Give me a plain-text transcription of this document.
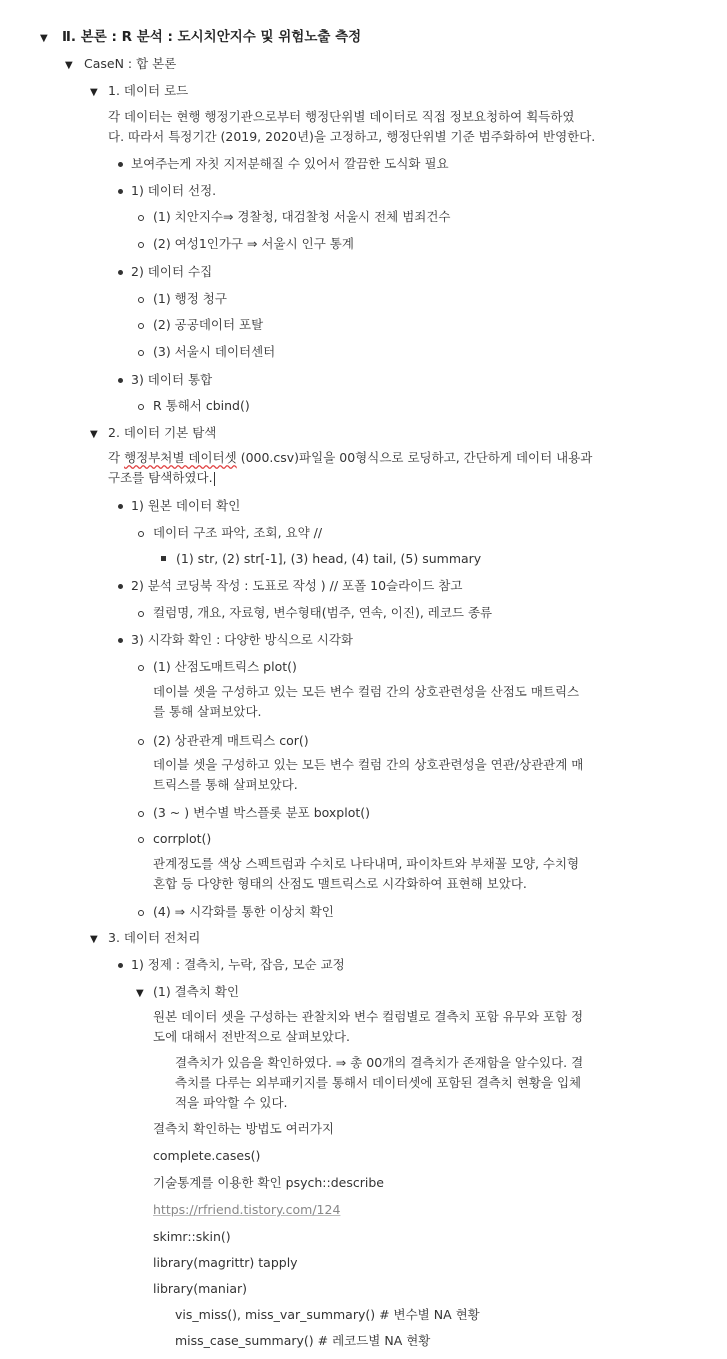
▼ Ⅱ. 본론 : R 분석 : 도시치안지수 및 위험노출 측정
▼ CaseN : 합 본론
▼ 1. 데이터 로드
각 데이터는 현행 행정기관으로부터 행정단위별 데이터로 직접 정보요청하여 획득하였
다. 따라서 특정기간 (2019, 2020년)을 고정하고, 행정단위별 기준 범주화하여 반영한다.
보여주는게 자칫 지저분해질 수 있어서 깔끔한 도식화 필요
1) 데이터 선정.
(1) 치안지수⇒ 경찰청, 대검찰청 서울시 전체 범죄건수
(2) 여성1인가구 ⇒ 서울시 인구 통계
2) 데이터 수집
(1) 행정 청구
(2) 공공데이터 포탈
(3) 서울시 데이터센터
3) 데이터 통합
R 통해서 cbind()
▼ 2. 데이터 기본 탐색
각 행정부처별 데이터셋 (000.csv)파일을 00형식으로 로딩하고, 간단하게 데이터 내용과
구조를 탐색하였다.
1) 원본 데이터 확인
데이터 구조 파악, 조회, 요약 //
(1) str, (2) str[-1], (3) head, (4) tail, (5) summary
2) 분석 코딩북 작성 : 도표로 작성 ) // 포폴 10슬라이드 참고
컬럼명, 개요, 자료형, 변수형태(범주, 연속, 이진), 레코드 종류
3) 시각화 확인 : 다양한 방식으로 시각화
(1) 산점도매트릭스 plot()
데이블 셋을 구성하고 있는 모든 변수 컬럼 간의 상호관련성을 산점도 매트릭스
를 통해 살펴보았다.
(2) 상관관계 매트릭스 cor()
데이블 셋을 구성하고 있는 모든 변수 컬럼 간의 상호관련성을 연관/상관관계 매
트릭스를 통해 살펴보았다.
(3 ~ ) 변수별 박스플롯 분포 boxplot()
corrplot()
관계정도를 색상 스펙트럼과 수치로 나타내며, 파이차트와 부채꼴 모양, 수치형
혼합 등 다양한 형태의 산점도 맬트릭스로 시각화하여 표현해 보았다.
(4) ⇒ 시각화를 통한 이상치 확인
▼ 3. 데이터 전처리
1) 정제 : 결측치, 누락, 잡음, 모순 교정
▼ (1) 결측치 확인
원본 데이터 셋을 구성하는 관찰치와 변수 컬럼별로 결측치 포함 유무와 포함 정
도에 대해서 전반적으로 살펴보았다.
결측치가 있음을 확인하였다. ⇒ 총 00개의 결측치가 존재함을 알수있다. 결
측치를 다루는 외부패키지를 통해서 데이터셋에 포함된 결측치 현황을 입체
적을 파악할 수 있다.
결측치 확인하는 방법도 여러가지
complete.cases()
기술통계를 이용한 확인 psych::describe
https://rfriend.tistory.com/124
skimr::skin()
library(magrittr) tapply
library(maniar)
vis_miss(), miss_var_summary() # 변수별 NA 현황
miss_case_summary() # 레코드별 NA 현황
